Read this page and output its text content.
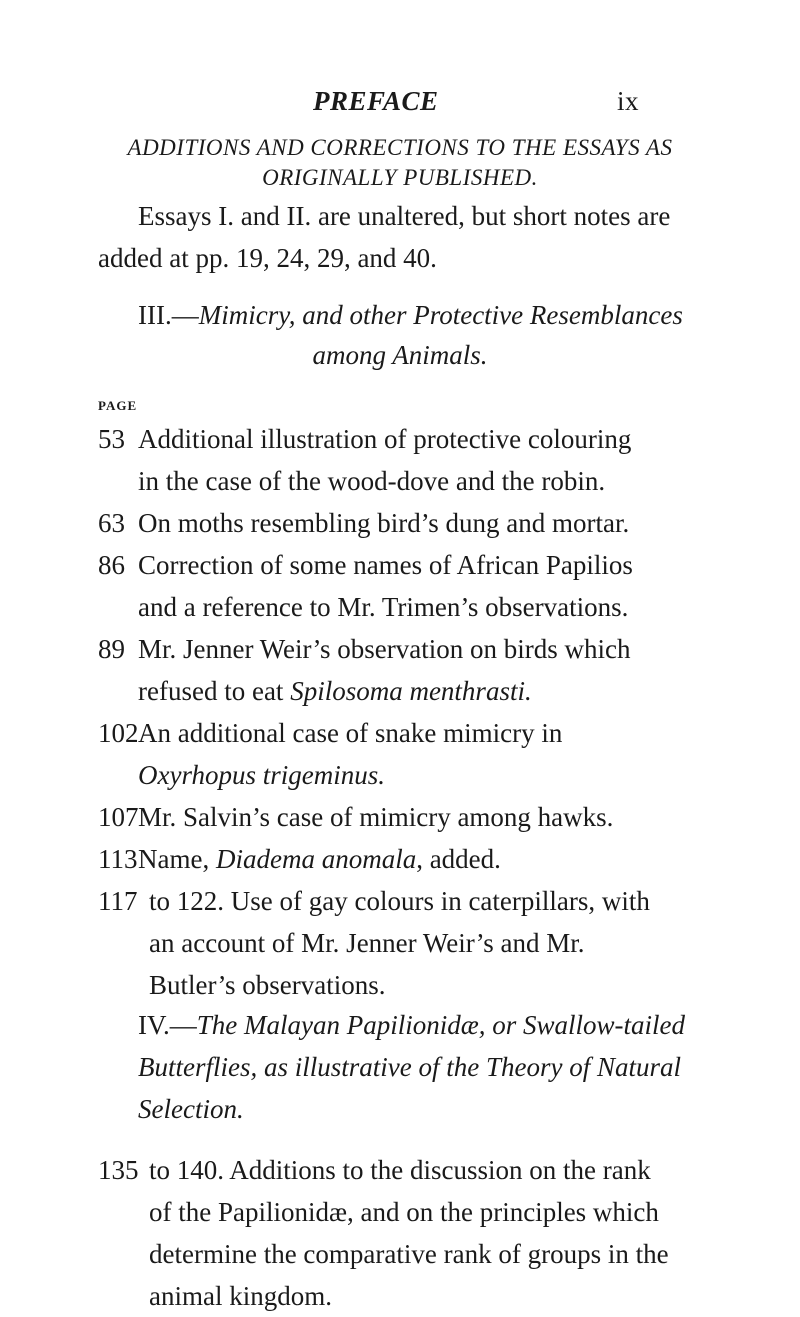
PREFACE	ix
ADDITIONS AND CORRECTIONS TO THE ESSAYS AS
ORIGINALLY PUBLISHED.
Essays I. and II. are unaltered, but short notes are
added at pp. 19, 24, 29, and 40.
III.—Mimicry, and other Protective Resemblances
among Animals.
PAGE
53 Additional illustration of protective colouring in the case of the wood-dove and the robin.
63 On moths resembling bird’s dung and mortar.
86 Correction of some names of African Papilios and a reference to Mr. Trimen’s observations.
89 Mr. Jenner Weir’s observation on birds which refused to eat Spilosoma menthrasti.
102 An additional case of snake mimicry in Oxyrhopus trigeminus.
107 Mr. Salvin’s case of mimicry among hawks.
113 Name, Diadema anomala, added.
117 to 122. Use of gay colours in caterpillars, with an account of Mr. Jenner Weir’s and Mr. Butler’s observations.
IV.—The Malayan Papilionidæ, or Swallow-tailed
Butterflies, as illustrative of the Theory of Natural
Selection.
135 to 140. Additions to the discussion on the rank of the Papilionidæ, and on the principles which determine the comparative rank of groups in the animal kingdom.
